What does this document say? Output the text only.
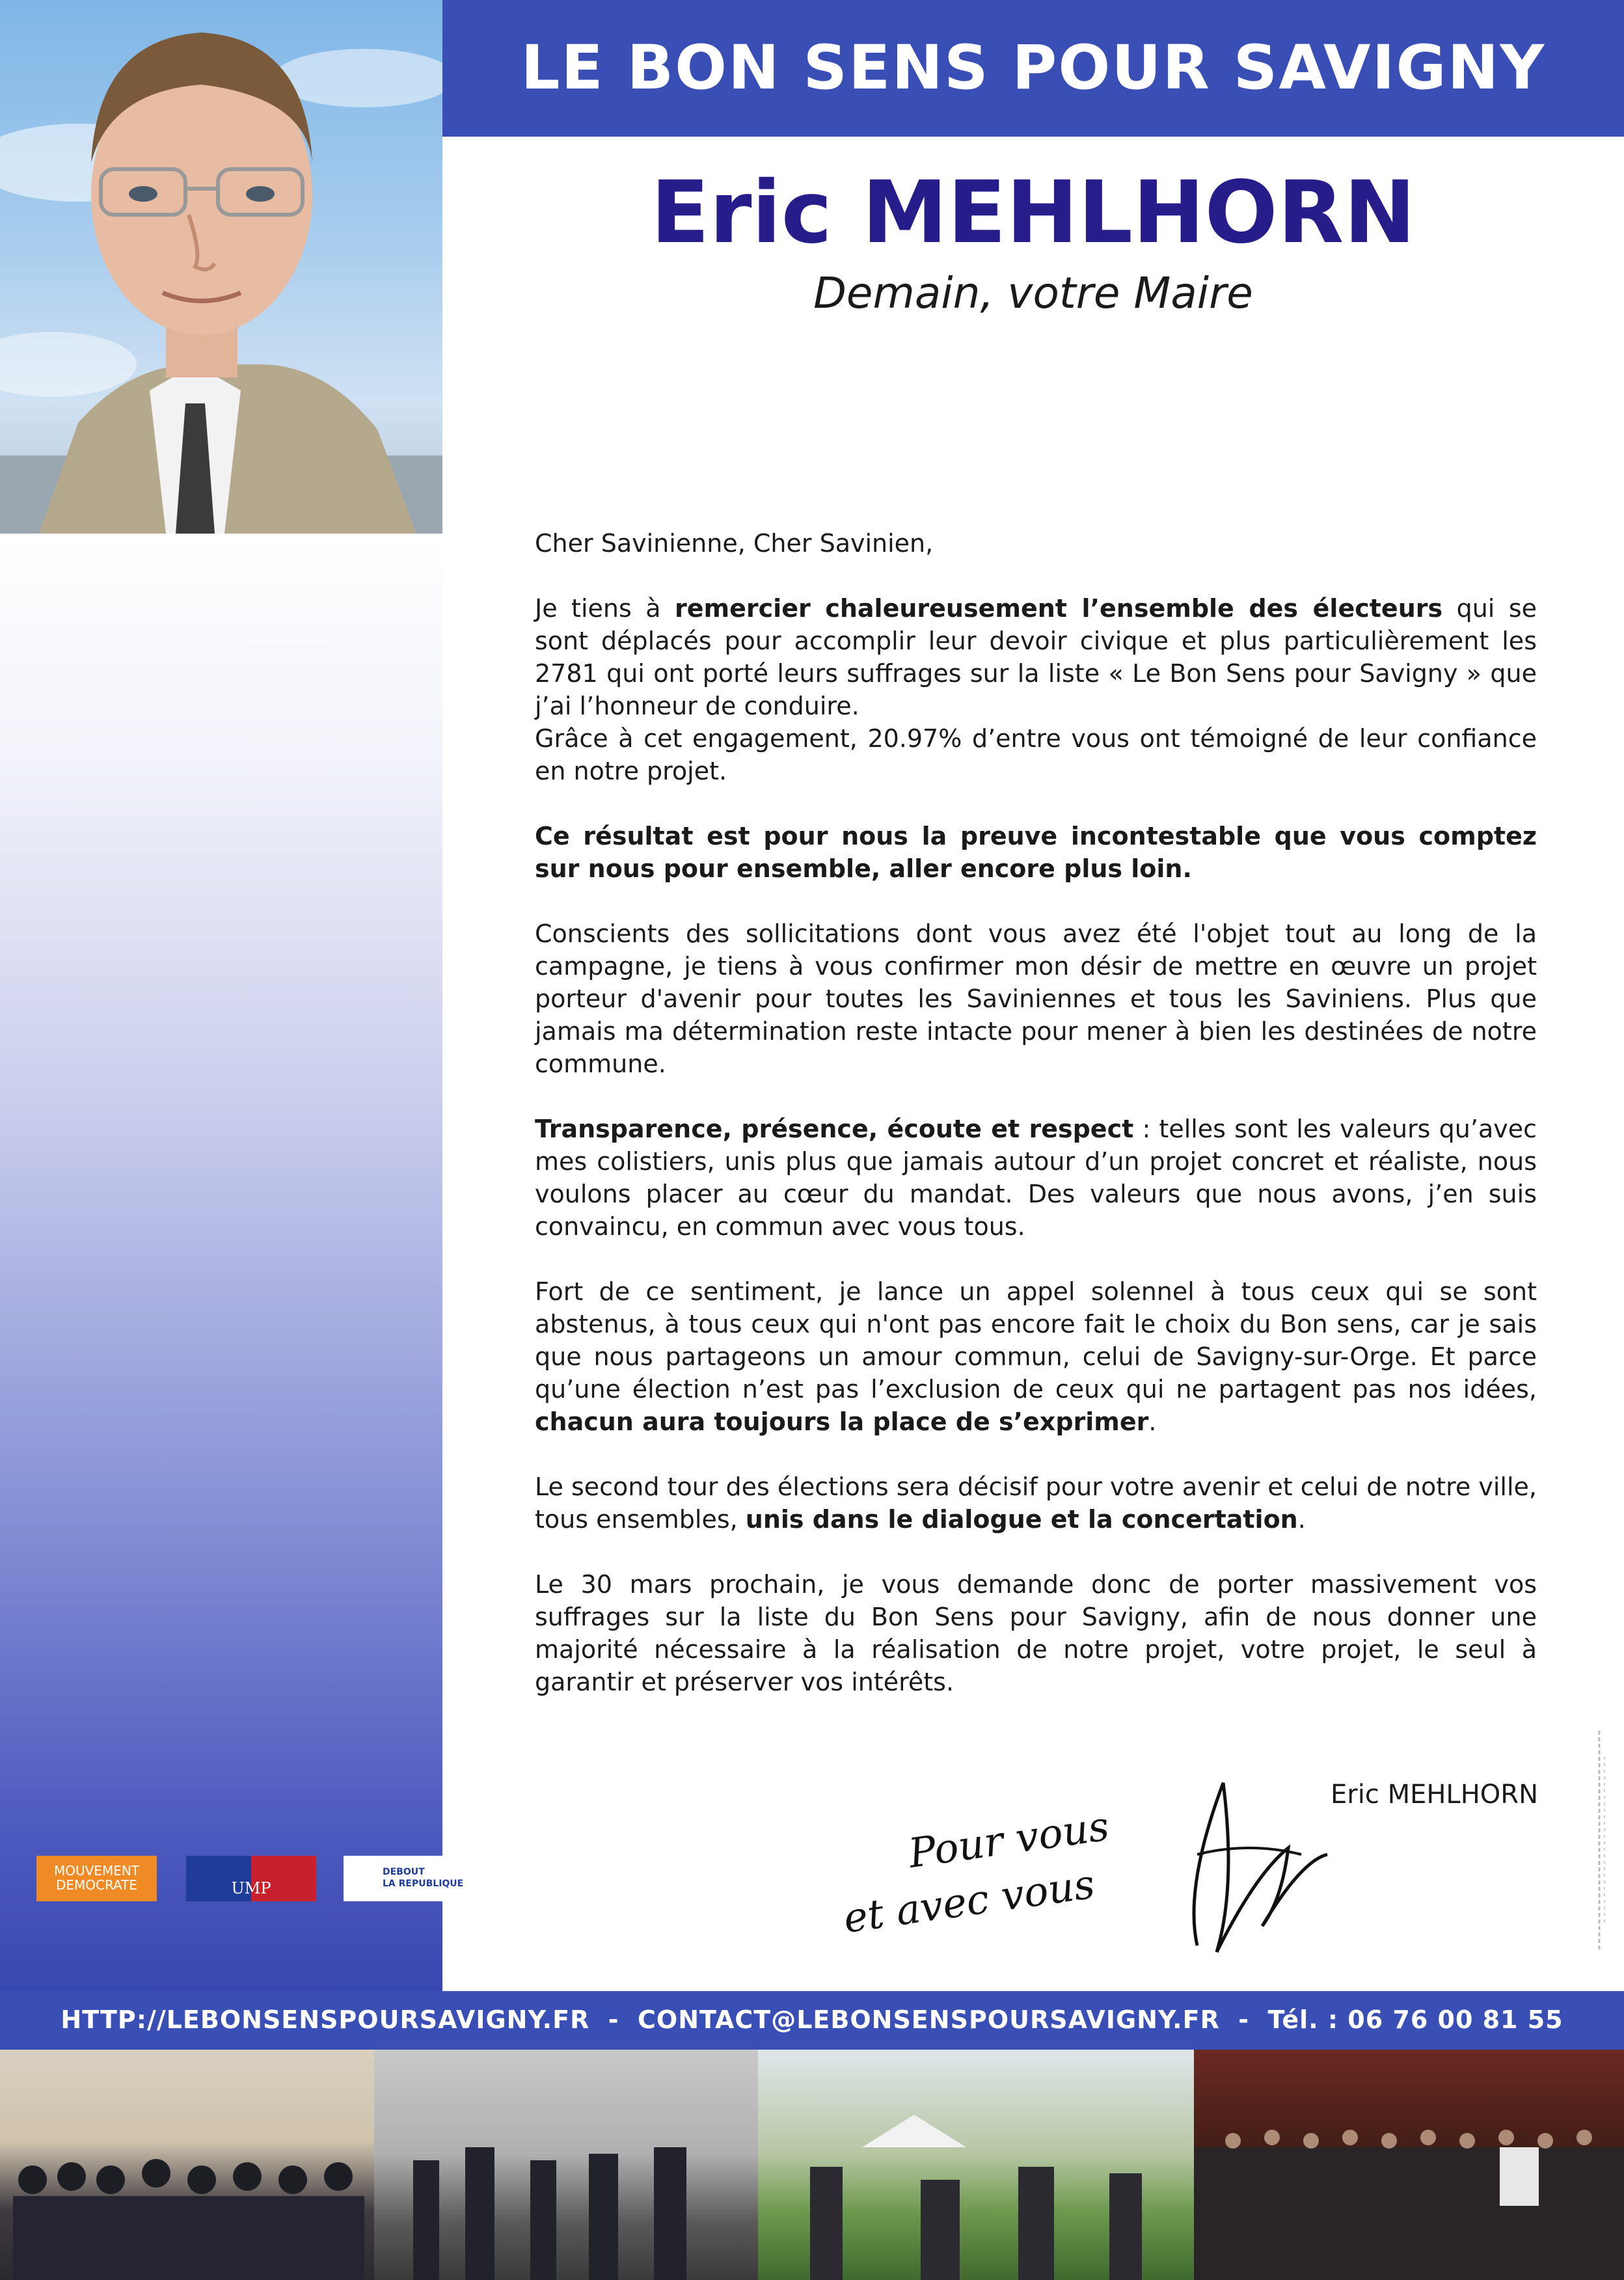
LE BON SENS POUR SAVIGNY
Eric MEHLHORN
Demain, votre Maire

Cher Savinienne, Cher Savinien,

Je tiens à remercier chaleureusement l’ensemble des électeurs qui se sont déplacés pour accomplir leur devoir civique et plus particulièrement les 2781 qui ont porté leurs suffrages sur la liste « Le Bon Sens pour Savigny » que j’ai l’honneur de conduire.

Grâce à cet engagement, 20.97% d’entre vous ont témoigné de leur confiance en notre projet.

Ce résultat est pour nous la preuve incontestable que vous comptez sur nous pour ensemble, aller encore plus loin.

Conscients des sollicitations dont vous avez été l'objet tout au long de la campagne, je tiens à vous confirmer mon désir de mettre en œuvre un projet porteur d'avenir pour toutes les Saviniennes et tous les Saviniens. Plus que jamais ma détermination reste intacte pour mener à bien les destinées de notre commune.

Transparence, présence, écoute et respect : telles sont les valeurs qu’avec mes colistiers, unis plus que jamais autour d’un projet concret et réaliste, nous voulons placer au cœur du mandat. Des valeurs que nous avons, j’en suis convaincu, en commun avec vous tous.

Fort de ce sentiment, je lance un appel solennel à tous ceux qui se sont abstenus, à tous ceux qui n'ont pas encore fait le choix du Bon sens, car je sais que nous partageons un amour commun, celui de Savigny-sur-Orge. Et parce qu’une élection n’est pas l’exclusion de ceux qui ne partagent pas nos idées, chacun aura toujours la place de s’exprimer.

Le second tour des élections sera décisif pour votre avenir et celui de notre ville, tous ensembles, unis dans le dialogue et la concertation.

Le 30 mars prochain, je vous demande donc de porter massivement vos suffrages sur la liste du Bon Sens pour Savigny, afin de nous donner une majorité nécessaire à la réalisation de notre projet, votre projet, le seul à garantir et préserver vos intérêts.

Eric MEHLHORN
Pour vous
et avec vous
MOUVEMENT
DEMOCRATE	UMP
DEBOUT
LA REPUBLIQUE
HTTP://LEBONSENSPOURSAVIGNY.FR  -  CONTACT@LEBONSENSPOURSAVIGNY.FR  -  Tél. : 06 76 00 81 55
